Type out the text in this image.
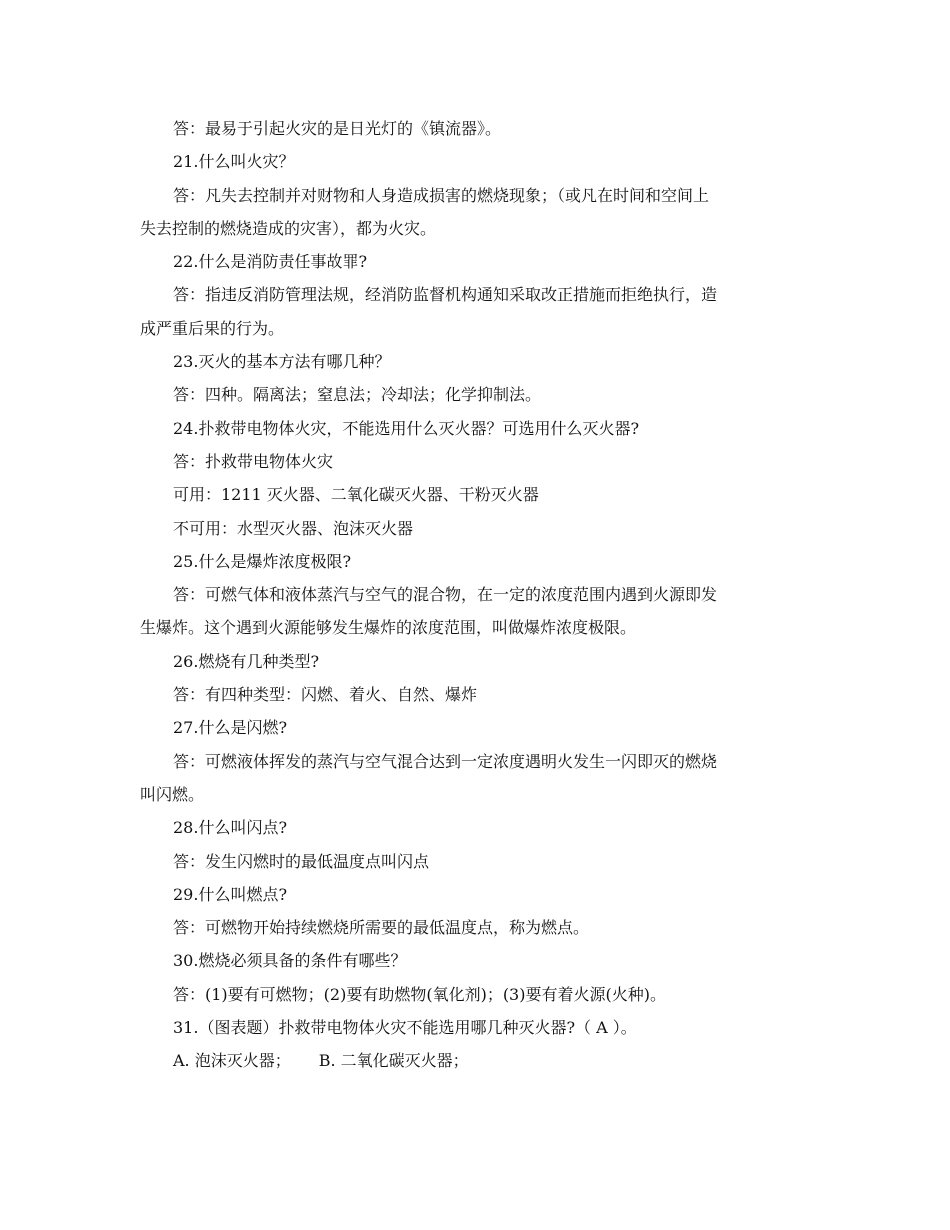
答：最易于引起火灾的是日光灯的《镇流器》。
21.什么叫火灾？
答：凡失去控制并对财物和人身造成损害的燃烧现象；（或凡在时间和空间上
失去控制的燃烧造成的灾害），都为火灾。
22.什么是消防责任事故罪?
答：指违反消防管理法规，经消防监督机构通知采取改正措施而拒绝执行，造
成严重后果的行为。
23.灭火的基本方法有哪几种？
答：四种。隔离法；窒息法；冷却法；化学抑制法。
24.扑救带电物体火灾，不能选用什么灭火器？可选用什么灭火器?
答：扑救带电物体火灾
可用：1211 灭火器、二氧化碳灭火器、干粉灭火器
不可用：水型灭火器、泡沫灭火器
25.什么是爆炸浓度极限?
答：可燃气体和液体蒸汽与空气的混合物，在一定的浓度范围内遇到火源即发
生爆炸。这个遇到火源能够发生爆炸的浓度范围，叫做爆炸浓度极限。
26.燃烧有几种类型?
答：有四种类型：闪燃、着火、自然、爆炸
27.什么是闪燃?
答：可燃液体挥发的蒸汽与空气混合达到一定浓度遇明火发生一闪即灭的燃烧
叫闪燃。
28.什么叫闪点?
答：发生闪燃时的最低温度点叫闪点
29.什么叫燃点?
答：可燃物开始持续燃烧所需要的最低温度点，称为燃点。
30.燃烧必须具备的条件有哪些？
答：(1)要有可燃物；(2)要有助燃物(氧化剂)；(3)要有着火源(火种)。
31.（图表题）扑救带电物体火灾不能选用哪几种灭火器?（ A ）。
A. 泡沫灭火器； B. 二氧化碳灭火器；
